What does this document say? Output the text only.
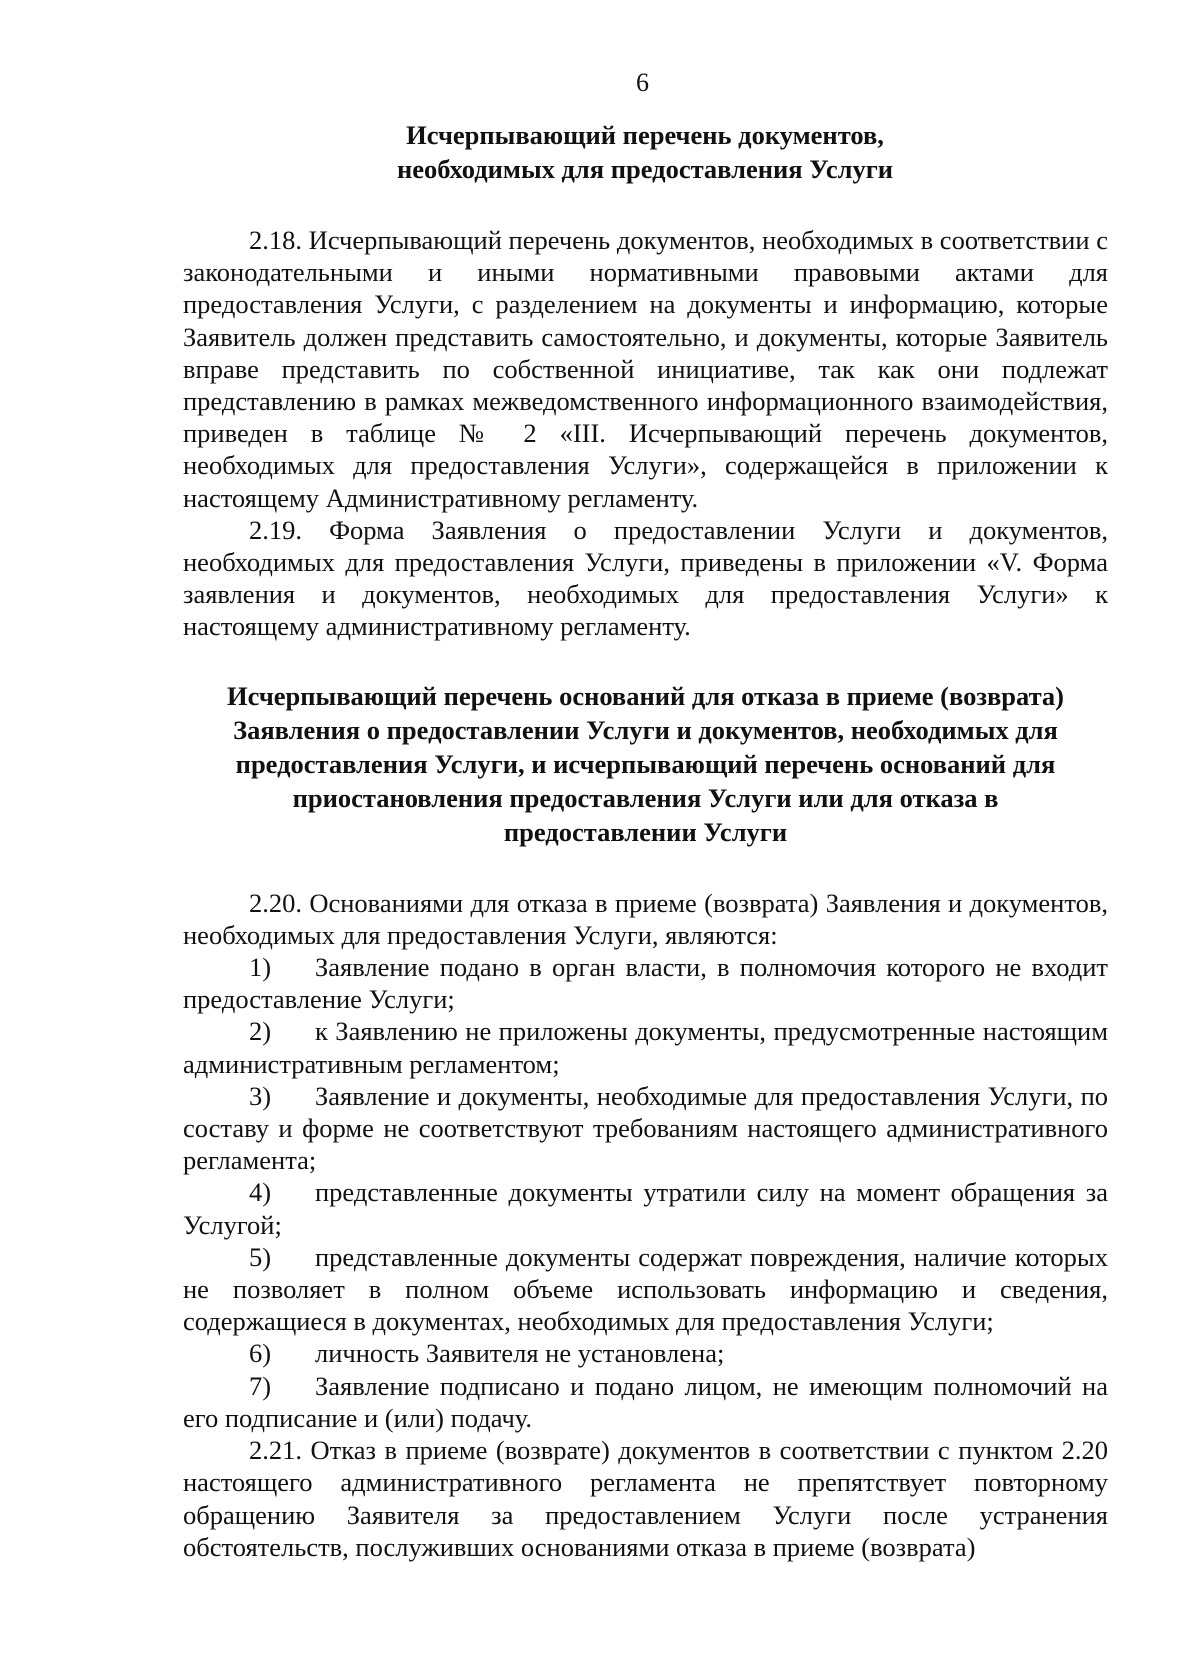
6
Исчерпывающий перечень документов,
необходимых для предоставления Услуги

2.18. Исчерпывающий перечень документов, необходимых в соответствии с законодательными и иными нормативными правовыми актами для предоставления Услуги, с разделением на документы и информацию, которые Заявитель должен представить самостоятельно, и документы, которые Заявитель вправе представить по собственной инициативе, так как они подлежат представлению в рамках межведомственного информационного взаимодействия, приведен в таблице № 2 «III. Исчерпывающий перечень документов, необходимых для предоставления Услуги», содержащейся в приложении к настоящему Административному регламенту.

2.19. Форма Заявления о предоставлении Услуги и документов, необходимых для предоставления Услуги, приведены в приложении «V. Форма заявления и документов, необходимых для предоставления Услуги» к настоящему административному регламенту.

Исчерпывающий перечень оснований для отказа в приеме (возврата)
Заявления о предоставлении Услуги и документов, необходимых для
предоставления Услуги, и исчерпывающий перечень оснований для
приостановления предоставления Услуги или для отказа в
предоставлении Услуги

2.20. Основаниями для отказа в приеме (возврата) Заявления и документов, необходимых для предоставления Услуги, являются:

1) Заявление подано в орган власти, в полномочия которого не входит предоставление Услуги;

2) к Заявлению не приложены документы, предусмотренные настоящим административным регламентом;

3) Заявление и документы, необходимые для предоставления Услуги, по составу и форме не соответствуют требованиям настоящего административного регламента;

4) представленные документы утратили силу на момент обращения за Услугой;

5) представленные документы содержат повреждения, наличие которых не позволяет в полном объеме использовать информацию и сведения, содержащиеся в документах, необходимых для предоставления Услуги;

6) личность Заявителя не установлена;

7) Заявление подписано и подано лицом, не имеющим полномочий на его подписание и (или) подачу.

2.21. Отказ в приеме (возврате) документов в соответствии с пунктом 2.20 настоящего административного регламента не препятствует повторному обращению Заявителя за предоставлением Услуги после устранения обстоятельств, послуживших основаниями отказа в приеме (возврата)
